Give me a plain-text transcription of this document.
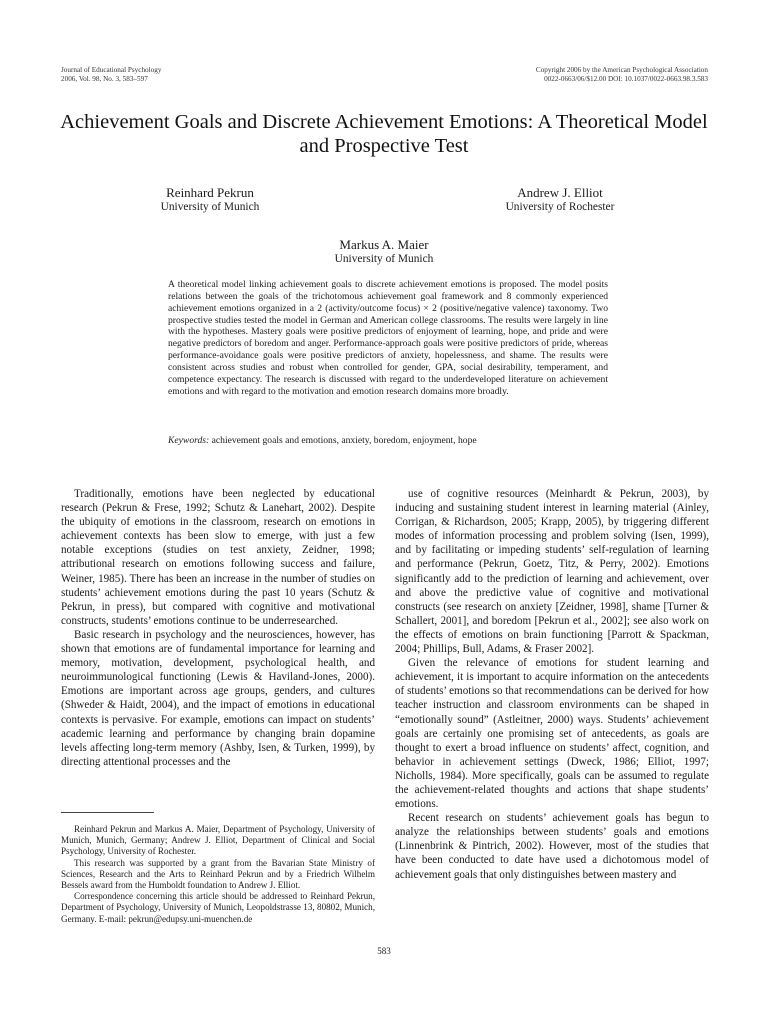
Journal of Educational Psychology
2006, Vol. 98, No. 3, 583–597
Copyright 2006 by the American Psychological Association
0022-0663/06/$12.00 DOI: 10.1037/0022-0663.98.3.583
Achievement Goals and Discrete Achievement Emotions: A Theoretical Model and Prospective Test
Reinhard Pekrun
University of Munich
Andrew J. Elliot
University of Rochester
Markus A. Maier
University of Munich

A theoretical model linking achievement goals to discrete achievement emotions is proposed. The model posits relations between the goals of the trichotomous achievement goal framework and 8 commonly experienced achievement emotions organized in a 2 (activity/outcome focus) × 2 (positive/negative valence) taxonomy. Two prospective studies tested the model in German and American college classrooms. The results were largely in line with the hypotheses. Mastery goals were positive predictors of enjoyment of learning, hope, and pride and were negative predictors of boredom and anger. Performance-approach goals were positive predictors of pride, whereas performance-avoidance goals were positive predictors of anxiety, hopelessness, and shame. The results were consistent across studies and robust when controlled for gender, GPA, social desirability, temperament, and competence expectancy. The research is discussed with regard to the underdeveloped literature on achievement emotions and with regard to the motivation and emotion research domains more broadly.

Keywords: achievement goals and emotions, anxiety, boredom, enjoyment, hope

Traditionally, emotions have been neglected by educational research (Pekrun & Frese, 1992; Schutz & Lanehart, 2002). Despite the ubiquity of emotions in the classroom, research on emotions in achievement contexts has been slow to emerge, with just a few notable exceptions (studies on test anxiety, Zeidner, 1998; attributional research on emotions following success and failure, Weiner, 1985). There has been an increase in the number of studies on students’ achievement emotions during the past 10 years (Schutz & Pekrun, in press), but compared with cognitive and motivational constructs, students’ emotions continue to be underresearched.

Basic research in psychology and the neurosciences, however, has shown that emotions are of fundamental importance for learning and memory, motivation, development, psychological health, and neuroimmunological functioning (Lewis & Haviland-Jones, 2000). Emotions are important across age groups, genders, and cultures (Shweder & Haidt, 2004), and the impact of emotions in educational contexts is pervasive. For example, emotions can impact on students’ academic learning and performance by changing brain dopamine levels affecting long-term memory (Ashby, Isen, & Turken, 1999), by directing attentional processes and the

use of cognitive resources (Meinhardt & Pekrun, 2003), by inducing and sustaining student interest in learning material (Ainley, Corrigan, & Richardson, 2005; Krapp, 2005), by triggering different modes of information processing and problem solving (Isen, 1999), and by facilitating or impeding students’ self-regulation of learning and performance (Pekrun, Goetz, Titz, & Perry, 2002). Emotions significantly add to the prediction of learning and achievement, over and above the predictive value of cognitive and motivational constructs (see research on anxiety [Zeidner, 1998], shame [Turner & Schallert, 2001], and boredom [Pekrun et al., 2002]; see also work on the effects of emotions on brain functioning [Parrott & Spackman, 2004; Phillips, Bull, Adams, & Fraser 2002].

Given the relevance of emotions for student learning and achievement, it is important to acquire information on the antecedents of students’ emotions so that recommendations can be derived for how teacher instruction and classroom environments can be shaped in “emotionally sound” (Astleitner, 2000) ways. Students’ achievement goals are certainly one promising set of antecedents, as goals are thought to exert a broad influence on students’ affect, cognition, and behavior in achievement settings (Dweck, 1986; Elliot, 1997; Nicholls, 1984). More specifically, goals can be assumed to regulate the achievement-related thoughts and actions that shape students’ emotions.

Recent research on students’ achievement goals has begun to analyze the relationships between students’ goals and emotions (Linnenbrink & Pintrich, 2002). However, most of the studies that have been conducted to date have used a dichotomous model of achievement goals that only distinguishes between mastery and

Reinhard Pekrun and Markus A. Maier, Department of Psychology, University of Munich, Munich, Germany; Andrew J. Elliot, Department of Clinical and Social Psychology, University of Rochester.

This research was supported by a grant from the Bavarian State Ministry of Sciences, Research and the Arts to Reinhard Pekrun and by a Friedrich Wilhelm Bessels award from the Humboldt foundation to Andrew J. Elliot.

Correspondence concerning this article should be addressed to Reinhard Pekrun, Department of Psychology, University of Munich, Leopoldstrasse 13, 80802, Munich, Germany. E-mail: pekrun@edupsy.uni-muenchen.de

583
